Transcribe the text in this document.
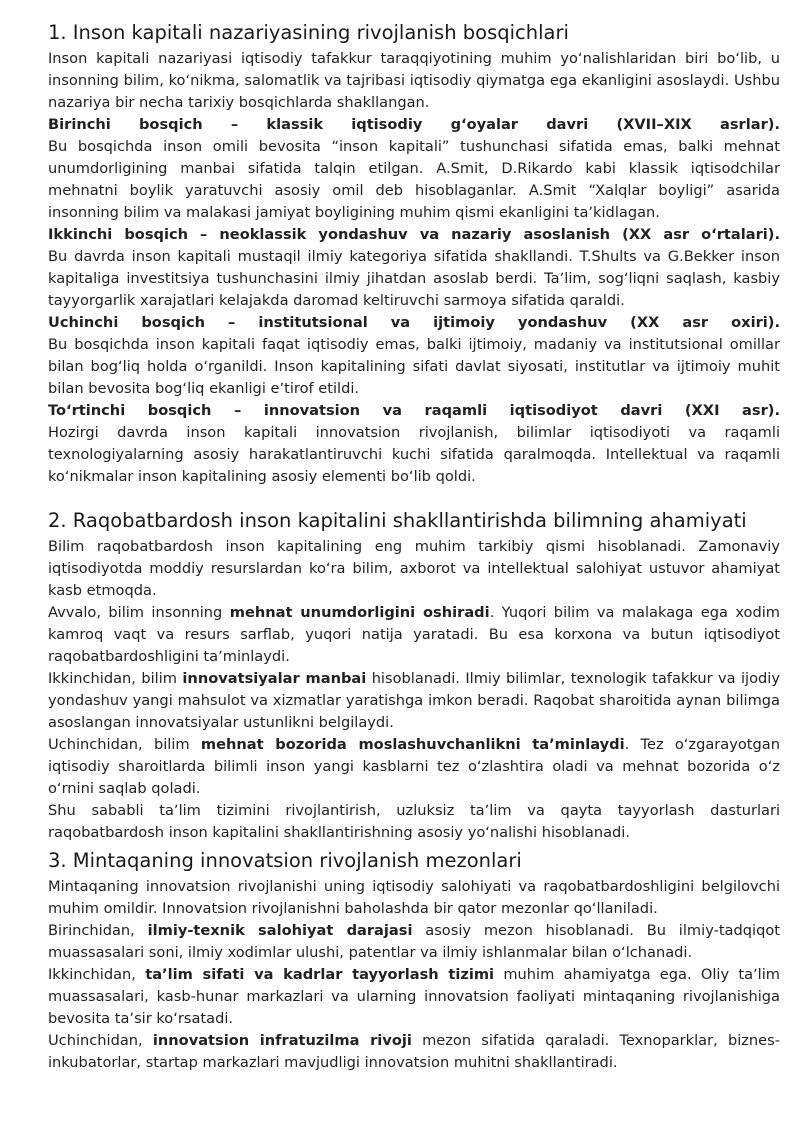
1. Inson kapitali nazariyasining rivojlanish bosqichlari

Inson kapitali nazariyasi iqtisodiy tafakkur taraqqiyotining muhim yoʻnalishlaridan biri boʻlib, u insonning bilim, koʻnikma, salomatlik va tajribasi iqtisodiy qiymatga ega ekanligini asoslaydi. Ushbu nazariya bir necha tarixiy bosqichlarda shakllangan.

Birinchi bosqich – klassik iqtisodiy gʻoyalar davri (XVII–XIX asrlar).

Bu bosqichda inson omili bevosita “inson kapitali” tushunchasi sifatida emas, balki mehnat unumdorligining manbai sifatida talqin etilgan. A.Smit, D.Rikardo kabi klassik iqtisodchilar mehnatni boylik yaratuvchi asosiy omil deb hisoblaganlar. A.Smit “Xalqlar boyligi” asarida insonning bilim va malakasi jamiyat boyligining muhim qismi ekanligini taʼkidlagan.

Ikkinchi bosqich – neoklassik yondashuv va nazariy asoslanish (XX asr oʻrtalari).

Bu davrda inson kapitali mustaqil ilmiy kategoriya sifatida shakllandi. T.Shults va G.Bekker inson kapitaliga investitsiya tushunchasini ilmiy jihatdan asoslab berdi. Taʼlim, sogʻliqni saqlash, kasbiy tayyorgarlik xarajatlari kelajakda daromad keltiruvchi sarmoya sifatida qaraldi.

Uchinchi bosqich – institutsional va ijtimoiy yondashuv (XX asr oxiri).

Bu bosqichda inson kapitali faqat iqtisodiy emas, balki ijtimoiy, madaniy va institutsional omillar bilan bogʻliq holda oʻrganildi. Inson kapitalining sifati davlat siyosati, institutlar va ijtimoiy muhit bilan bevosita bogʻliq ekanligi eʼtirof etildi.

Toʻrtinchi bosqich – innovatsion va raqamli iqtisodiyot davri (XXI asr).

Hozirgi davrda inson kapitali innovatsion rivojlanish, bilimlar iqtisodiyoti va raqamli texnologiyalarning asosiy harakatlantiruvchi kuchi sifatida qaralmoqda. Intellektual va raqamli koʻnikmalar inson kapitalining asosiy elementi boʻlib qoldi.

2. Raqobatbardosh inson kapitalini shakllantirishda bilimning ahamiyati

Bilim raqobatbardosh inson kapitalining eng muhim tarkibiy qismi hisoblanadi. Zamonaviy iqtisodiyotda moddiy resurslardan koʻra bilim, axborot va intellektual salohiyat ustuvor ahamiyat kasb etmoqda.

Avvalo, bilim insonning mehnat unumdorligini oshiradi. Yuqori bilim va malakaga ega xodim kamroq vaqt va resurs sarflab, yuqori natija yaratadi. Bu esa korxona va butun iqtisodiyot raqobatbardoshligini taʼminlaydi.

Ikkinchidan, bilim innovatsiyalar manbai hisoblanadi. Ilmiy bilimlar, texnologik tafakkur va ijodiy yondashuv yangi mahsulot va xizmatlar yaratishga imkon beradi. Raqobat sharoitida aynan bilimga asoslangan innovatsiyalar ustunlikni belgilaydi.

Uchinchidan, bilim mehnat bozorida moslashuvchanlikni taʼminlaydi. Tez oʻzgarayotgan iqtisodiy sharoitlarda bilimli inson yangi kasblarni tez oʻzlashtira oladi va mehnat bozorida oʻz oʻrnini saqlab qoladi.

Shu sababli taʼlim tizimini rivojlantirish, uzluksiz taʼlim va qayta tayyorlash dasturlari raqobatbardosh inson kapitalini shakllantirishning asosiy yoʻnalishi hisoblanadi.

3. Mintaqaning innovatsion rivojlanish mezonlari

Mintaqaning innovatsion rivojlanishi uning iqtisodiy salohiyati va raqobatbardoshligini belgilovchi muhim omildir. Innovatsion rivojlanishni baholashda bir qator mezonlar qoʻllaniladi.

Birinchidan, ilmiy-texnik salohiyat darajasi asosiy mezon hisoblanadi. Bu ilmiy-tadqiqot muassasalari soni, ilmiy xodimlar ulushi, patentlar va ilmiy ishlanmalar bilan oʻlchanadi.

Ikkinchidan, taʼlim sifati va kadrlar tayyorlash tizimi muhim ahamiyatga ega. Oliy taʼlim muassasalari, kasb-hunar markazlari va ularning innovatsion faoliyati mintaqaning rivojlanishiga bevosita taʼsir koʻrsatadi.

Uchinchidan, innovatsion infratuzilma rivoji mezon sifatida qaraladi. Texnoparklar, biznes-inkubatorlar, startap markazlari mavjudligi innovatsion muhitni shakllantiradi.
